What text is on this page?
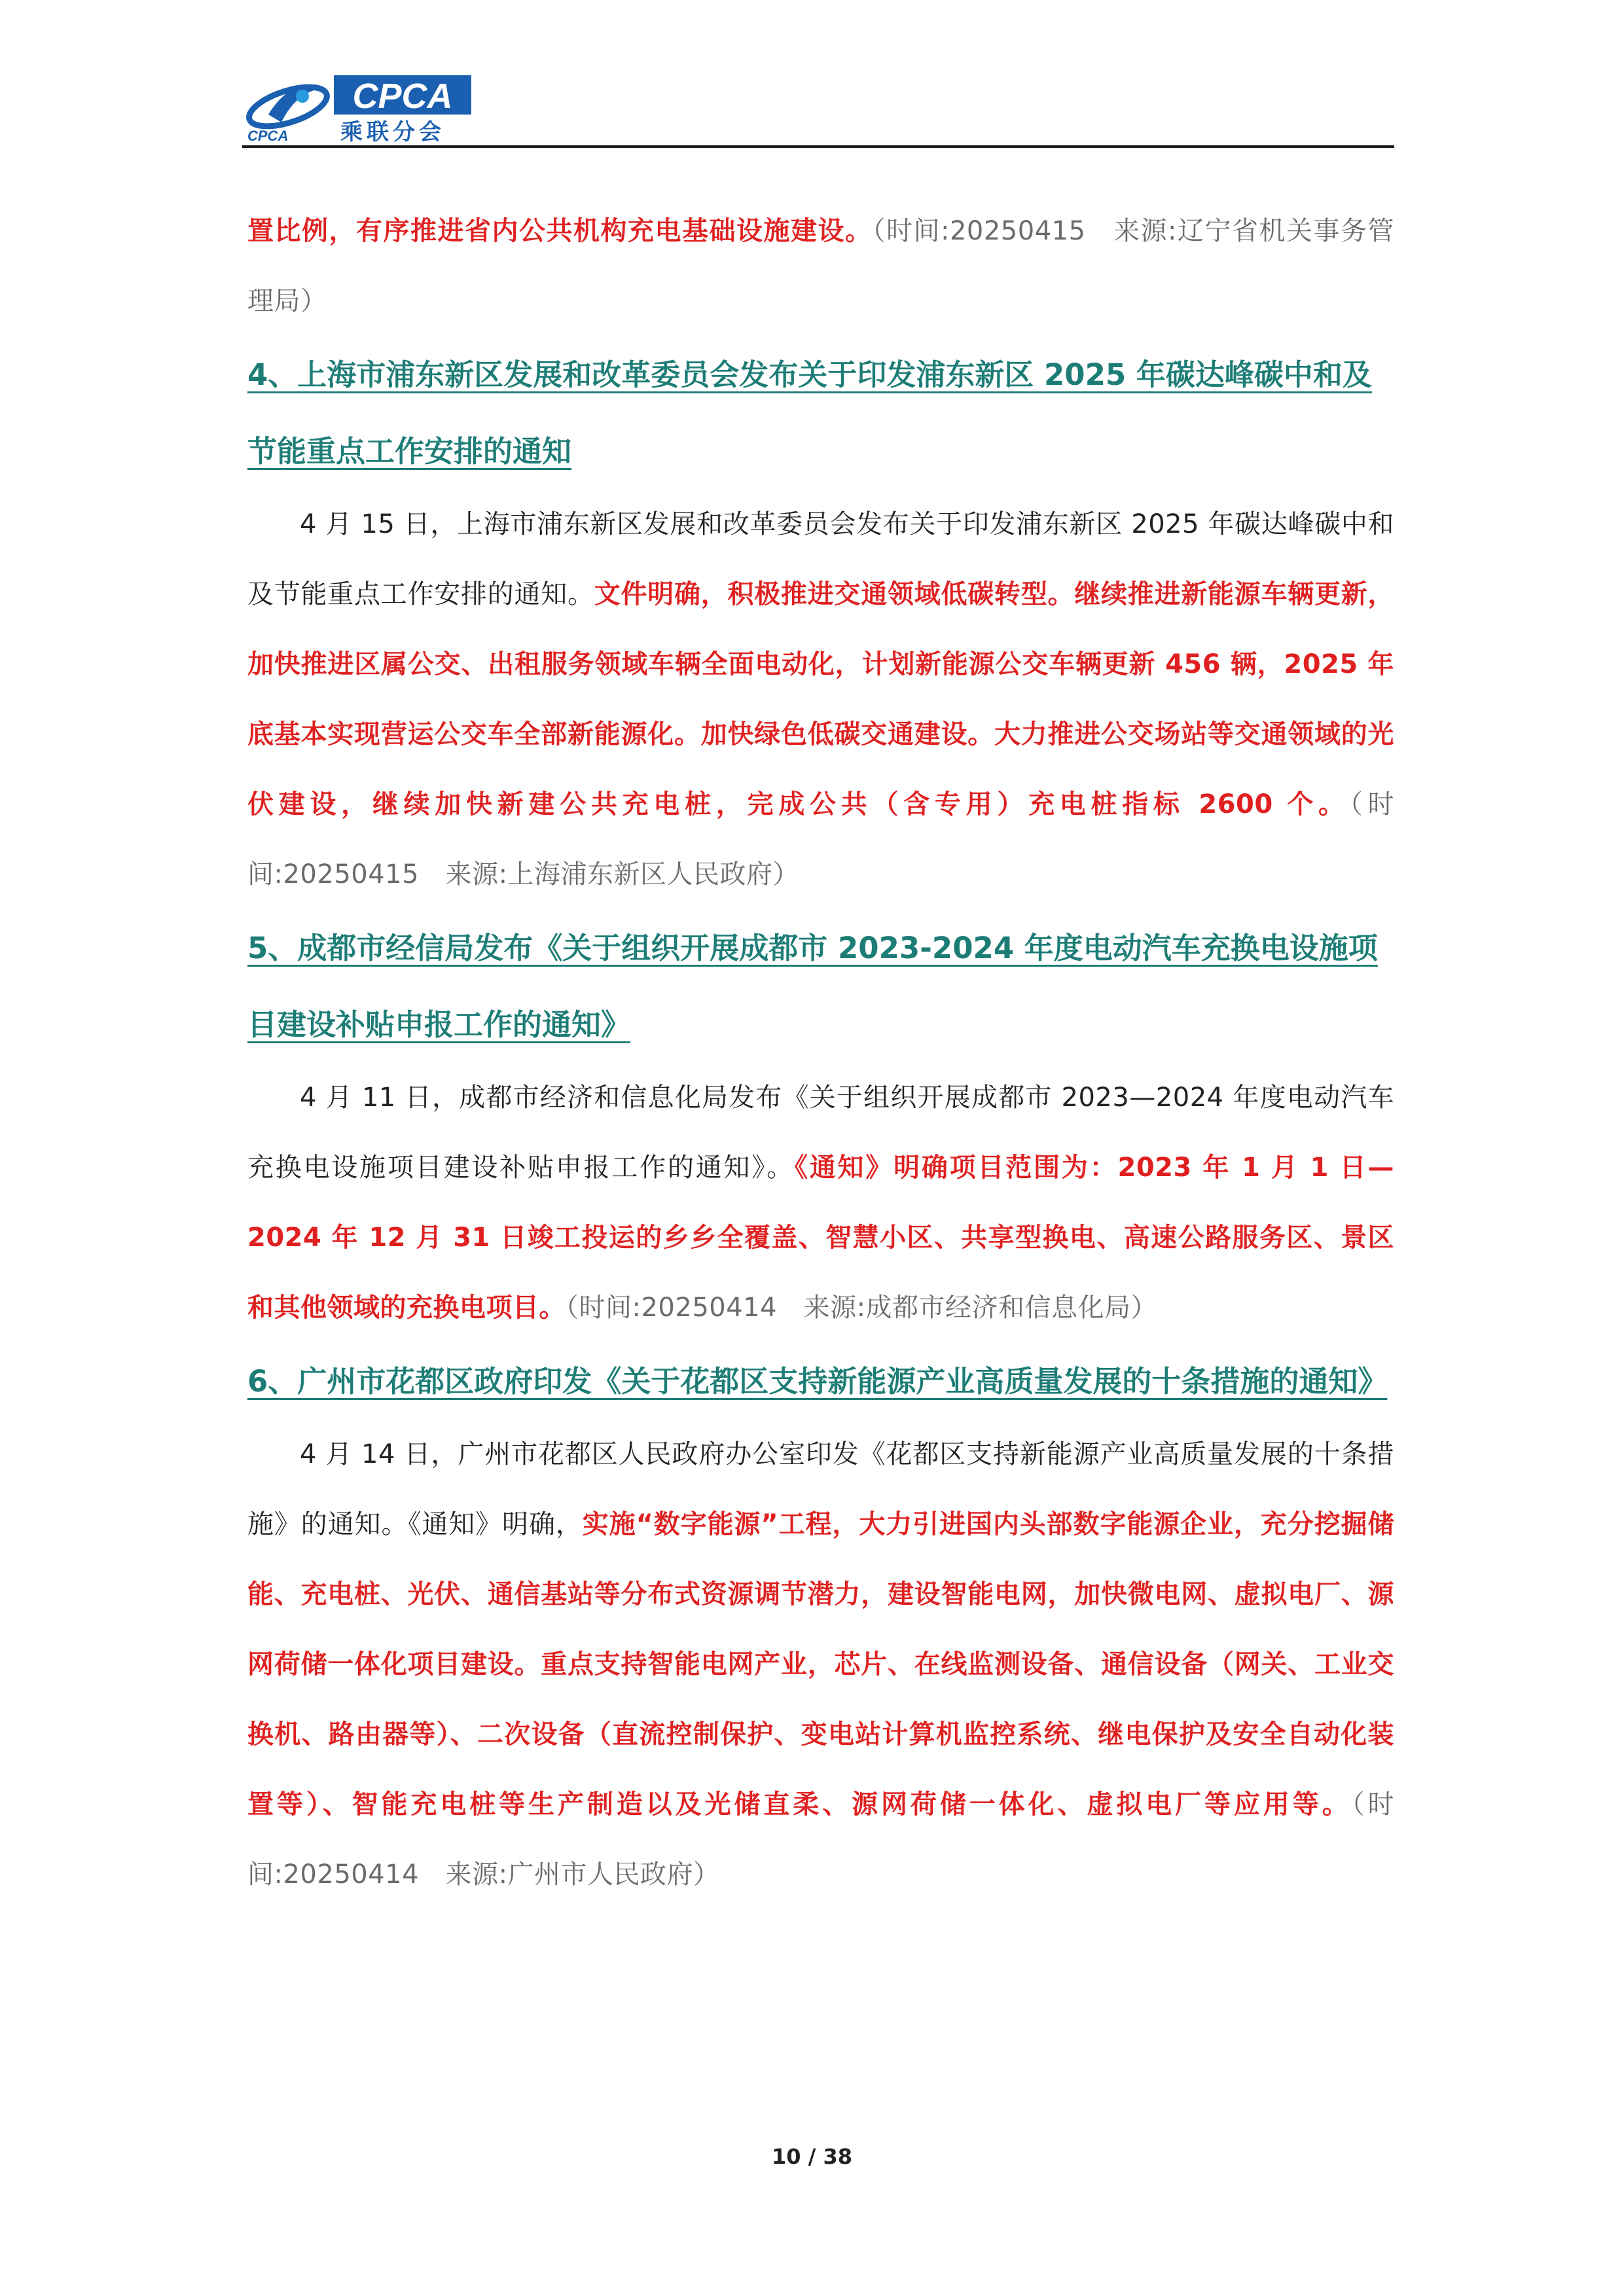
CPCA
CPCA
乘联分会

置比例，有序推进省内公共机构充电基础设施建设。（时间:20250415　来源:辽宁省机关事务管理局）

4、上海市浦东新区发展和改革委员会发布关于印发浦东新区 2025 年碳达峰碳中和及节能重点工作安排的通知

4 月 15 日，上海市浦东新区发展和改革委员会发布关于印发浦东新区 2025 年碳达峰碳中和及节能重点工作安排的通知。文件明确，积极推进交通领域低碳转型。继续推进新能源车辆更新，加快推进区属公交、出租服务领域车辆全面电动化，计划新能源公交车辆更新 456 辆，2025 年底基本实现营运公交车全部新能源化。加快绿色低碳交通建设。大力推进公交场站等交通领域的光伏建设，继续加快新建公共充电桩，完成公共（含专用）充电桩指标 2600 个。（时间:20250415　来源:上海浦东新区人民政府）

5、成都市经信局发布《关于组织开展成都市 2023-2024 年度电动汽车充换电设施项目建设补贴申报工作的通知》

4 月 11 日，成都市经济和信息化局发布《关于组织开展成都市 2023—2024 年度电动汽车充换电设施项目建设补贴申报工作的通知》。《通知》明确项目范围为：2023 年 1 月 1 日—2024 年 12 月 31 日竣工投运的乡乡全覆盖、智慧小区、共享型换电、高速公路服务区、景区和其他领域的充换电项目。（时间:20250414　来源:成都市经济和信息化局）

6、广州市花都区政府印发《关于花都区支持新能源产业高质量发展的十条措施的通知》

4 月 14 日，广州市花都区人民政府办公室印发《花都区支持新能源产业高质量发展的十条措施》的通知。《通知》明确，实施“数字能源”工程，大力引进国内头部数字能源企业，充分挖掘储能、充电桩、光伏、通信基站等分布式资源调节潜力，建设智能电网，加快微电网、虚拟电厂、源网荷储一体化项目建设。重点支持智能电网产业，芯片、在线监测设备、通信设备（网关、工业交换机、路由器等）、二次设备（直流控制保护、变电站计算机监控系统、继电保护及安全自动化装置等）、智能充电桩等生产制造以及光储直柔、源网荷储一体化、虚拟电厂等应用等。（时间:20250414　来源:广州市人民政府）

10 / 38
